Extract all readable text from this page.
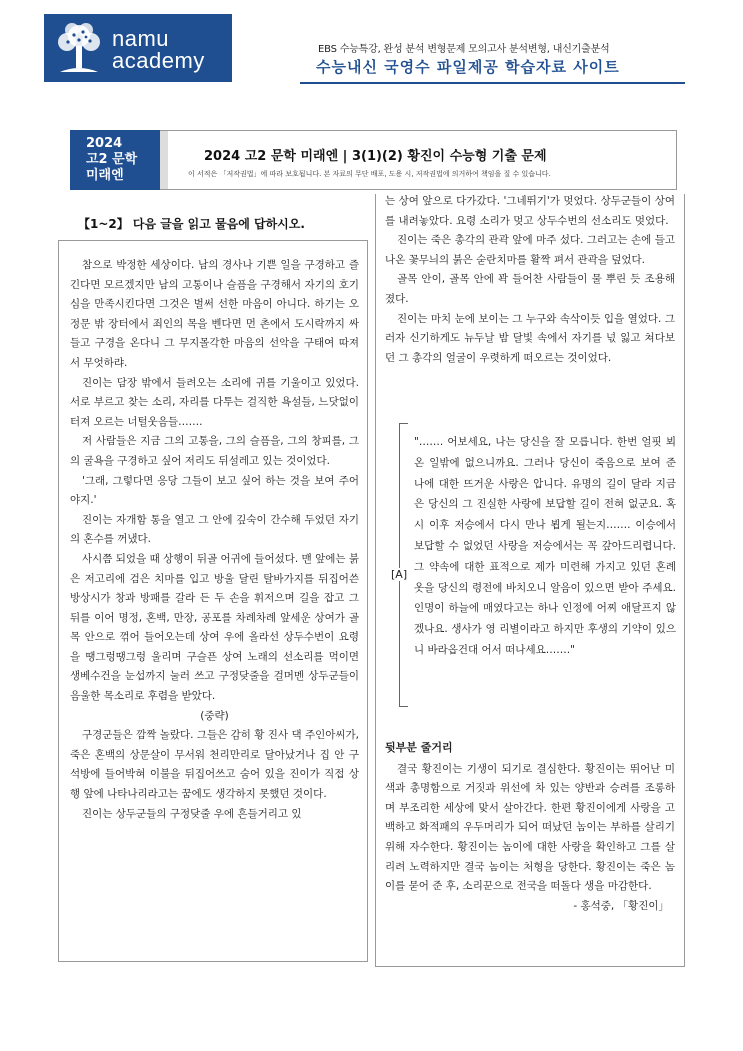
namu
academy	EBS 수능특강, 완성 분석 변형문제 모의고사 분석변형, 내신기출분석
수능내신 국영수 파일제공 학습자료 사이트
2024
고2 문학
미래엔
2024 고2 문학 미래엔 | 3(1)(2) 황진이 수능형 기출 문제
이 서적은 「저작권법」에 따라 보호됩니다. 본 자료의 무단 배포, 도용 시, 저작권법에 의거하여 책임을 질 수 있습니다.
【1~2】 다음 글을 읽고 물음에 답하시오.

참으로 박정한 세상이다. 남의 경사나 기쁜 일을 구경하고 즐긴다면 모르겠지만 남의 고통이나 슬픔을 구경해서 자기의 호기심을 만족시킨다면 그것은 벌써 선한 마음이 아니다. 하기는 오정문 밖 장터에서 죄인의 목을 벤다면 먼 촌에서 도시락까지 싸 들고 구경을 온다니 그 무지몰각한 마음의 선악을 구태여 따져서 무엇하랴.

진이는 담장 밖에서 들려오는 소리에 귀를 기울이고 있었다. 서로 부르고 찾는 소리, 자리를 다투는 걸직한 욕설들, 느닷없이 터져 오르는 너털웃음들…….

저 사람들은 지금 그의 고통을, 그의 슬픔을, 그의 창피를, 그의 굴욕을 구경하고 싶어 저리도 뒤설레고 있는 것이었다.

'그래, 그렇다면 응당 그들이 보고 싶어 하는 것을 보여 주어야지.'

진이는 자개함 통을 열고 그 안에 깊숙이 간수해 두었던 자기의 혼수를 꺼냈다.

사시쯤 되었을 때 상행이 뒤골 어귀에 들어섰다. 맨 앞에는 붉은 저고리에 검은 치마를 입고 방울 달린 탈바가지를 뒤집어쓴 방상시가 창과 방패를 갈라 든 두 손을 휘저으며 길을 잡고 그 뒤를 이어 명정, 혼백, 만장, 공포를 차례차례 앞세운 상여가 골목 안으로 꺾어 들어오는데 상여 우에 올라선 상두수번이 요령을 땡그렁땡그렁 울리며 구슬픈 상여 노래의 선소리를 먹이면 생베수건을 눈섭까지 눌러 쓰고 구정닺줄을 걸머멘 상두군들이 음울한 목소리로 후렴을 받았다.

(중략)

구경군들은 깜짝 놀랐다. 그들은 감히 황 진사 댁 주인아씨가, 죽은 혼백의 상문살이 무서워 천리만리로 달아났거나 집 안 구석방에 들어박혀 이불을 뒤집어쓰고 숨어 있을 진이가 직접 상행 앞에 나타나리라고는 꿈에도 생각하지 못했던 것이다.

진이는 상두군들의 구정닺줄 우에 흔들거리고 있

는 상여 앞으로 다가갔다. '그네뛰기'가 멎었다. 상두군들이 상여를 내려놓았다. 요령 소리가 멎고 상두수번의 선소리도 멎었다.

진이는 죽은 총각의 관곽 앞에 마주 섰다. 그러고는 손에 들고 나온 꽃무늬의 붉은 숟란치마를 활짝 펴서 관곽을 덮었다.

골목 안이, 골목 안에 꽉 들어찬 사람들이 물 뿌린 듯 조용해졌다.

진이는 마치 눈에 보이는 그 누구와 속삭이듯 입을 열었다. 그러자 신기하게도 뉴두날 밤 달빛 속에서 자기를 넋 잃고 쳐다보던 그 총각의 얼굴이 우렷하게 떠오르는 것이었다.

[A]

"……. 어보세요, 나는 당신을 잘 모릅니다. 한번 얼핏 뵈온 일밖에 없으니까요. 그러나 당신이 죽음으로 보여 준 나에 대한 뜨거운 사랑은 압니다. 유명의 길이 달라 지금은 당신의 그 진실한 사랑에 보답할 길이 전혀 없군요. 혹시 이후 저승에서 다시 만나 뵙게 될는지……. 이승에서 보답할 수 없었던 사랑을 저승에서는 꼭 갚아드리렵니다. 그 약속에 대한 표적으로 제가 미련해 가지고 있던 혼례 옷을 당신의 령전에 바치오니 알음이 있으면 받아 주세요. 인명이 하늘에 매였다고는 하나 인정에 어찌 애달프지 않겠나요. 생사가 영 리별이라고 하지만 후생의 기약이 있으니 바라옵건대 어서 떠나세요……."

뒷부분 줄거리

결국 황진이는 기생이 되기로 결심한다. 황진이는 뛰어난 미색과 총명함으로 거짓과 위선에 차 있는 양반과 승려를 조롱하며 부조리한 세상에 맞서 살아간다. 한편 황진이에게 사랑을 고백하고 화적패의 우두머리가 되어 떠났던 놈이는 부하를 살리기 위해 자수한다. 황진이는 놈이에 대한 사랑을 확인하고 그를 살리려 노력하지만 결국 놈이는 처형을 당한다. 황진이는 죽은 놈이를 묻어 준 후, 소리꾼으로 전국을 떠돌다 생을 마감한다.

- 홍석중, 「황진이」
